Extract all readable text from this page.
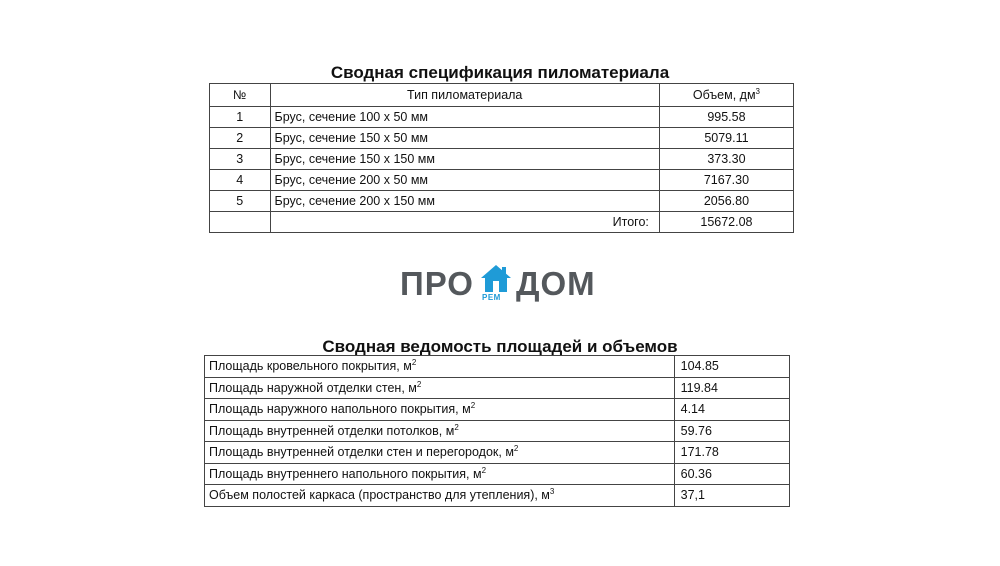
Сводная спецификация пиломатериала
№	Тип пиломатериала	Объем, $дм^3$
1	Брус, сечение 100 х 50 мм	995.58
2	Брус, сечение 150 х 50 мм	5079.11
3	Брус, сечение 150 х 150 мм	373.30
4	Брус, сечение 200 х 50 мм	7167.30
5	Брус, сечение 200 х 150 мм	2056.80
	Итого:	15672.08
ПРО РЕМ ДОМ
Сводная ведомость площадей и объемов
Площадь кровельного покрытия, $м^2$	104.85
Площадь наружной отделки стен, $м^2$	119.84
Площадь наружного напольного покрытия, $м^2$	4.14
Площадь внутренней отделки потолков, $м^2$	59.76
Площадь внутренней отделки стен и перегородок, $м^2$	171.78
Площадь внутреннего напольного покрытия, $м^2$	60.36
Объем полостей каркаса (пространство для утепления), $м^3$	37,1
